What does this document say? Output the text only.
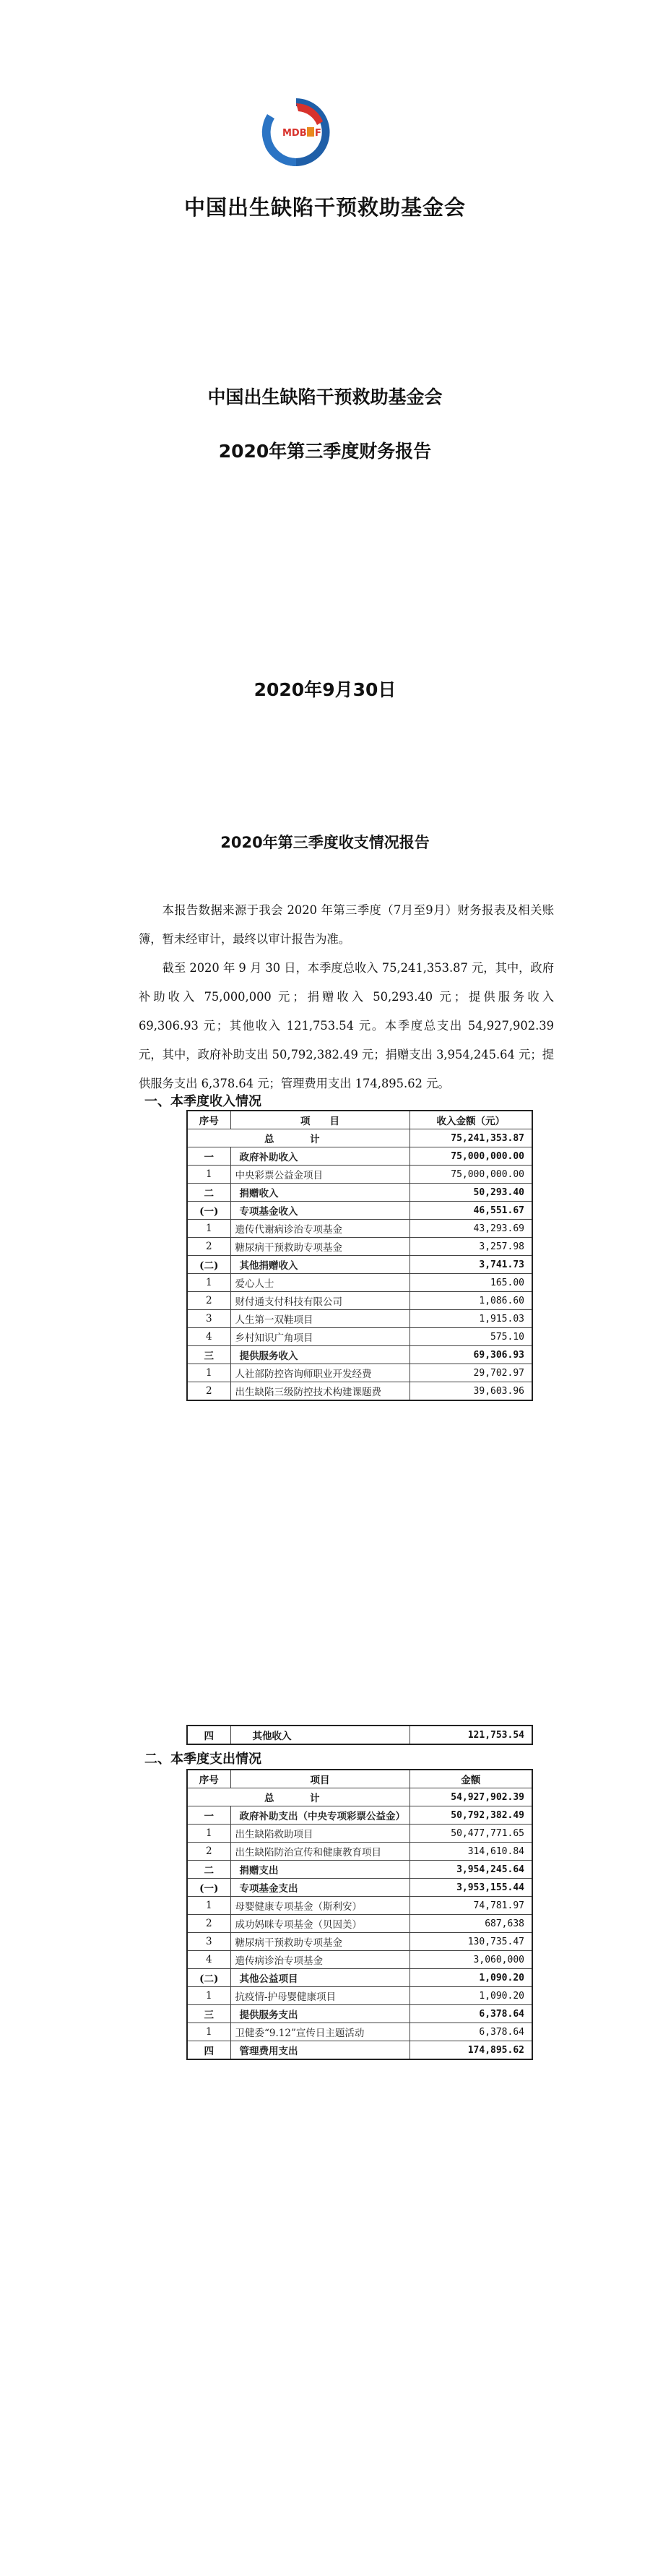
MDB F
中国出生缺陷干预救助基金会
中国出生缺陷干预救助基金会
2020年第三季度财务报告
2020年9月30日
2020年第三季度收支情况报告

本报告数据来源于我会 2020 年第三季度（7月至9月）财务报表及相关账簿，暂未经审计，最终以审计报告为准。

截至 2020 年 9 月 30 日，本季度总收入 75,241,353.87 元，其中，政府补助收入 75,000,000 元；捐赠收入 50,293.40 元；提供服务收入 69,306.93 元；其他收入 121,753.54 元。本季度总支出 54,927,902.39 元，其中，政府补助支出 50,792,382.49 元；捐赠支出 3,954,245.64 元；提供服务支出 6,378.64 元；管理费用支出 174,895.62 元。

一、本季度收入情况
序号	项　　目	收入金额（元）
总　计		75,241,353.87
一	政府补助收入	75,000,000.00
1	中央彩票公益金项目	75,000,000.00
二	捐赠收入	50,293.40
(一)	专项基金收入	46,551.67
1	遗传代谢病诊治专项基金	43,293.69
2	糖尿病干预救助专项基金	3,257.98
(二)	其他捐赠收入	3,741.73
1	爱心人士	165.00
2	财付通支付科技有限公司	1,086.60
3	人生第一双鞋项目	1,915.03
4	乡村知识广角项目	575.10
三	提供服务收入	69,306.93
1	人社部防控咨询师职业开发经费	29,702.97
2	出生缺陷三级防控技术构建课题费	39,603.96
四	其他收入	121,753.54
二、本季度支出情况
序号	项目	金额
总　计		54,927,902.39
一	政府补助支出（中央专项彩票公益金）	50,792,382.49
1	出生缺陷救助项目	50,477,771.65
2	出生缺陷防治宣传和健康教育项目	314,610.84
二	捐赠支出	3,954,245.64
(一)	专项基金支出	3,953,155.44
1	母婴健康专项基金（斯利安）	74,781.97
2	成功妈咪专项基金（贝因美）	687,638
3	糖尿病干预救助专项基金	130,735.47
4	遗传病诊治专项基金	3,060,000
(二)	其他公益项目	1,090.20
1	抗疫情-护母婴健康项目	1,090.20
三	提供服务支出	6,378.64
1	卫健委“9.12”宣传日主题活动	6,378.64
四	管理费用支出	174,895.62
